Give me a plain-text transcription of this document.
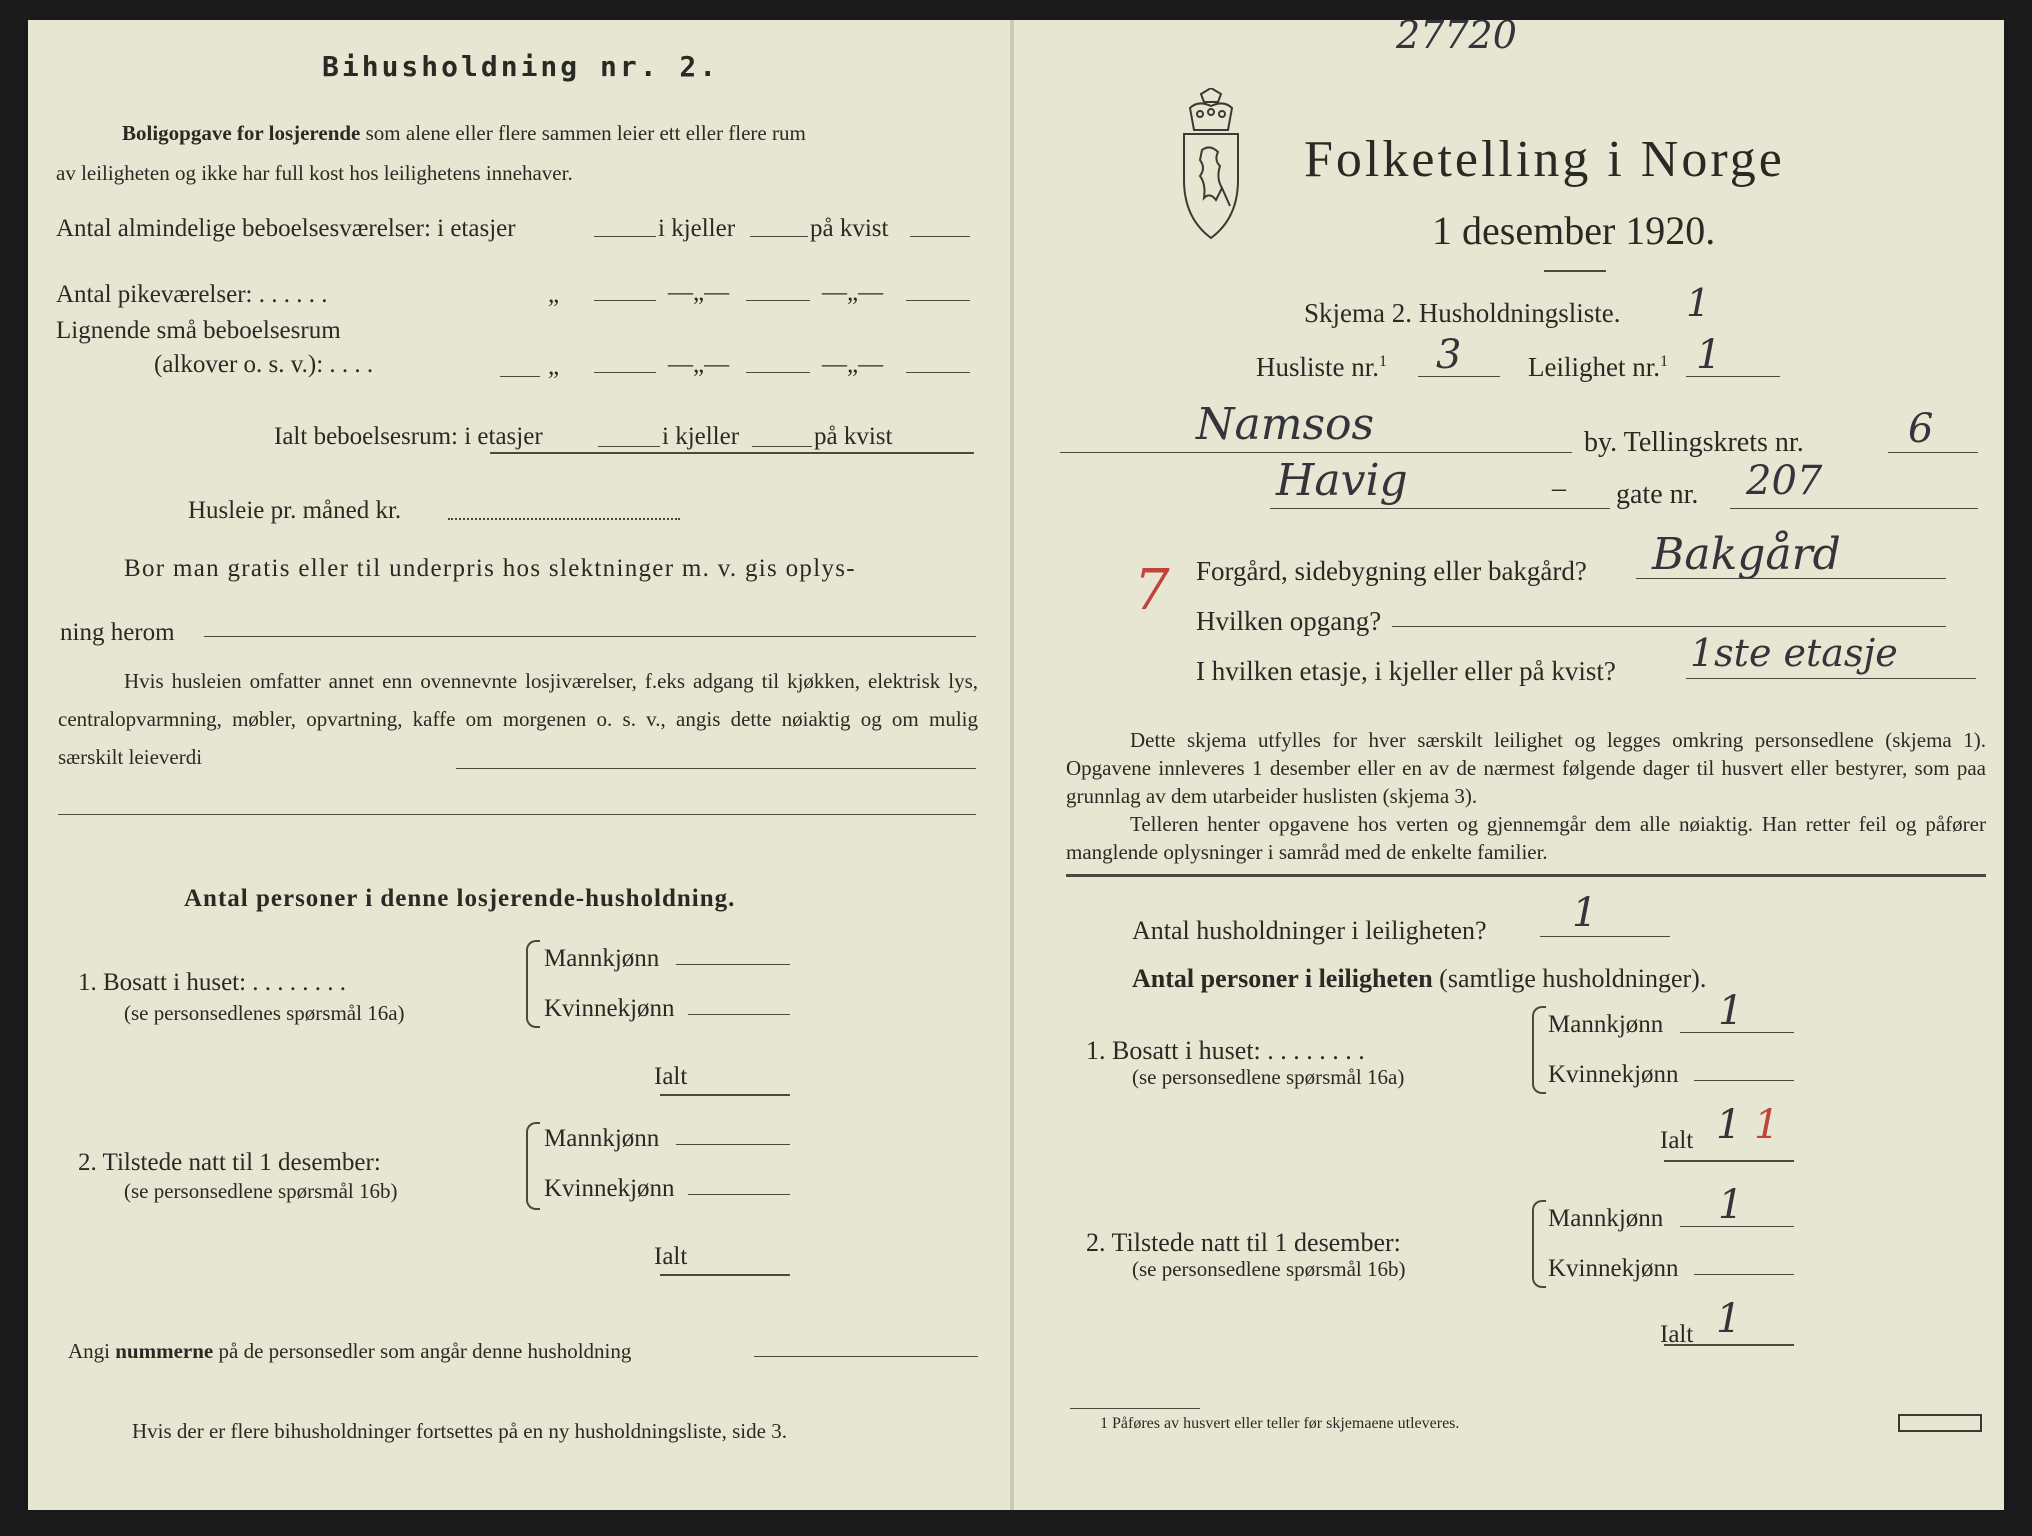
Bihusholdning nr. 2.
Boligopgave for losjerende som alene eller flere sammen leier ett eller flere rum
av leiligheten og ikke har full kost hos leilighetens innehaver.
Antal almindelige beboelsesværelser: i etasjer	i kjeller	på kvist
Antal pikeværelser: . . . . . .	„	—„—	—„—
Lignende små beboelsesrum
(alkover o. s. v.): . . . .	„	—„—	—„—
Ialt beboelsesrum: i etasjer	i kjeller	på kvist
Husleie pr. måned kr.
Bor man gratis eller til underpris hos slektninger m. v. gis oplys-
ning herom
Hvis husleien omfatter annet enn ovennevnte losjiværelser, f.eks adgang til kjøkken, elektrisk lys, centralopvarmning, møbler, opvartning, kaffe om morgenen o. s. v., angis dette nøiaktig og om mulig særskilt leieverdi
Antal personer i denne losjerende-husholdning.
1. Bosatt i huset: . . . . . . . .
(se personsedlenes spørsmål 16a)
Mannkjønn
Kvinnekjønn
Ialt
2. Tilstede natt til 1 desember:
(se personsedlene spørsmål 16b)
Mannkjønn
Kvinnekjønn
Ialt
Angi nummerne på de personsedler som angår denne husholdning
Hvis der er flere bihusholdninger fortsettes på en ny husholdningsliste, side 3.
27720
Folketelling i Norge
1 desember 1920.
Skjema 2. Husholdningsliste. 1
Husliste nr.$^1$ 3 Leilighet nr.$^1$ 1
Namsos	by. Tellingskrets nr.	6
Havig	– gate nr. 207
Forgård, sidebygning eller bakgård? Bakgård
7 Hvilken opgang?
I hvilken etasje, i kjeller eller på kvist? 1ste etasje
Dette skjema utfylles for hver særskilt leilighet og legges omkring personsedlene (skjema 1). Opgavene innleveres 1 desember eller en av de nærmest følgende dager til husvert eller bestyrer, som paa grunnlag av dem utarbeider huslisten (skjema 3).
Telleren henter opgavene hos verten og gjennemgår dem alle nøiaktig. Han retter feil og påfører manglende oplysninger i samråd med de enkelte familier.
Antal husholdninger i leiligheten? 1
Antal personer i leiligheten (samtlige husholdninger).
1. Bosatt i huset: . . . . . . . .
(se personsedlene spørsmål 16a)
Mannkjønn 1
Kvinnekjønn
Ialt 1 1
2. Tilstede natt til 1 desember:
(se personsedlene spørsmål 16b)
Mannkjønn 1
Kvinnekjønn
Ialt 1
1 Påføres av husvert eller teller før skjemaene utleveres.
